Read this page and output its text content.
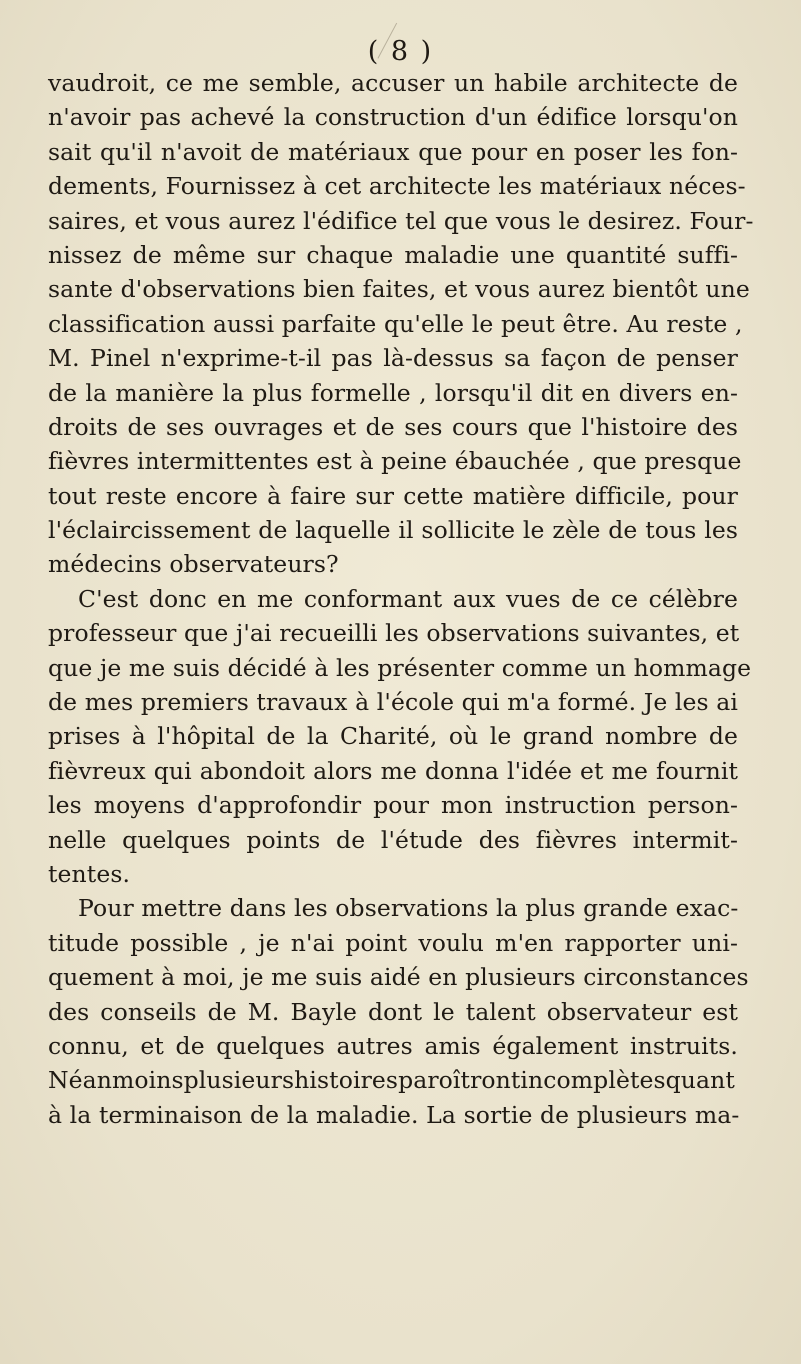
( 8 )
vaudroit, ce me semble, accuser un habile architecte de
n'avoir pas achevé la construction d'un édifice lorsqu'on
sait qu'il n'avoit de matériaux que pour en poser les fon-
dements, Fournissez à cet architecte les matériaux néces-
saires, et vous aurez l'édifice tel que vous le desirez. Four-
nissez de même sur chaque maladie une quantité suffi-
sante d'observations bien faites, et vous aurez bientôt une
classification aussi parfaite qu'elle le peut être. Au reste ,
M. Pinel n'exprime-t-il pas là-dessus sa façon de penser
de la manière la plus formelle , lorsqu'il dit en divers en-
droits de ses ouvrages et de ses cours que l'histoire des
fièvres intermittentes est à peine ébauchée , que presque
tout reste encore à faire sur cette matière difficile, pour
l'éclaircissement de laquelle il sollicite le zèle de tous les
médecins observateurs?
C'est donc en me conformant aux vues de ce célèbre
professeur que j'ai recueilli les observations suivantes, et
que je me suis décidé à les présenter comme un hommage
de mes premiers travaux à l'école qui m'a formé. Je les ai
prises à l'hôpital de la Charité, où le grand nombre de
fièvreux qui abondoit alors me donna l'idée et me fournit
les moyens d'approfondir pour mon instruction person-
nelle quelques points de l'étude des fièvres intermit-
tentes.
Pour mettre dans les observations la plus grande exac-
titude possible , je n'ai point voulu m'en rapporter uni-
quement à moi, je me suis aidé en plusieurs circonstances
des conseils de M. Bayle dont le talent observateur est
connu, et de quelques autres amis également instruits.
Néanmoinsplusieurshistoiresparoîtrontincomplètesquant
à la terminaison de la maladie. La sortie de plusieurs ma-
